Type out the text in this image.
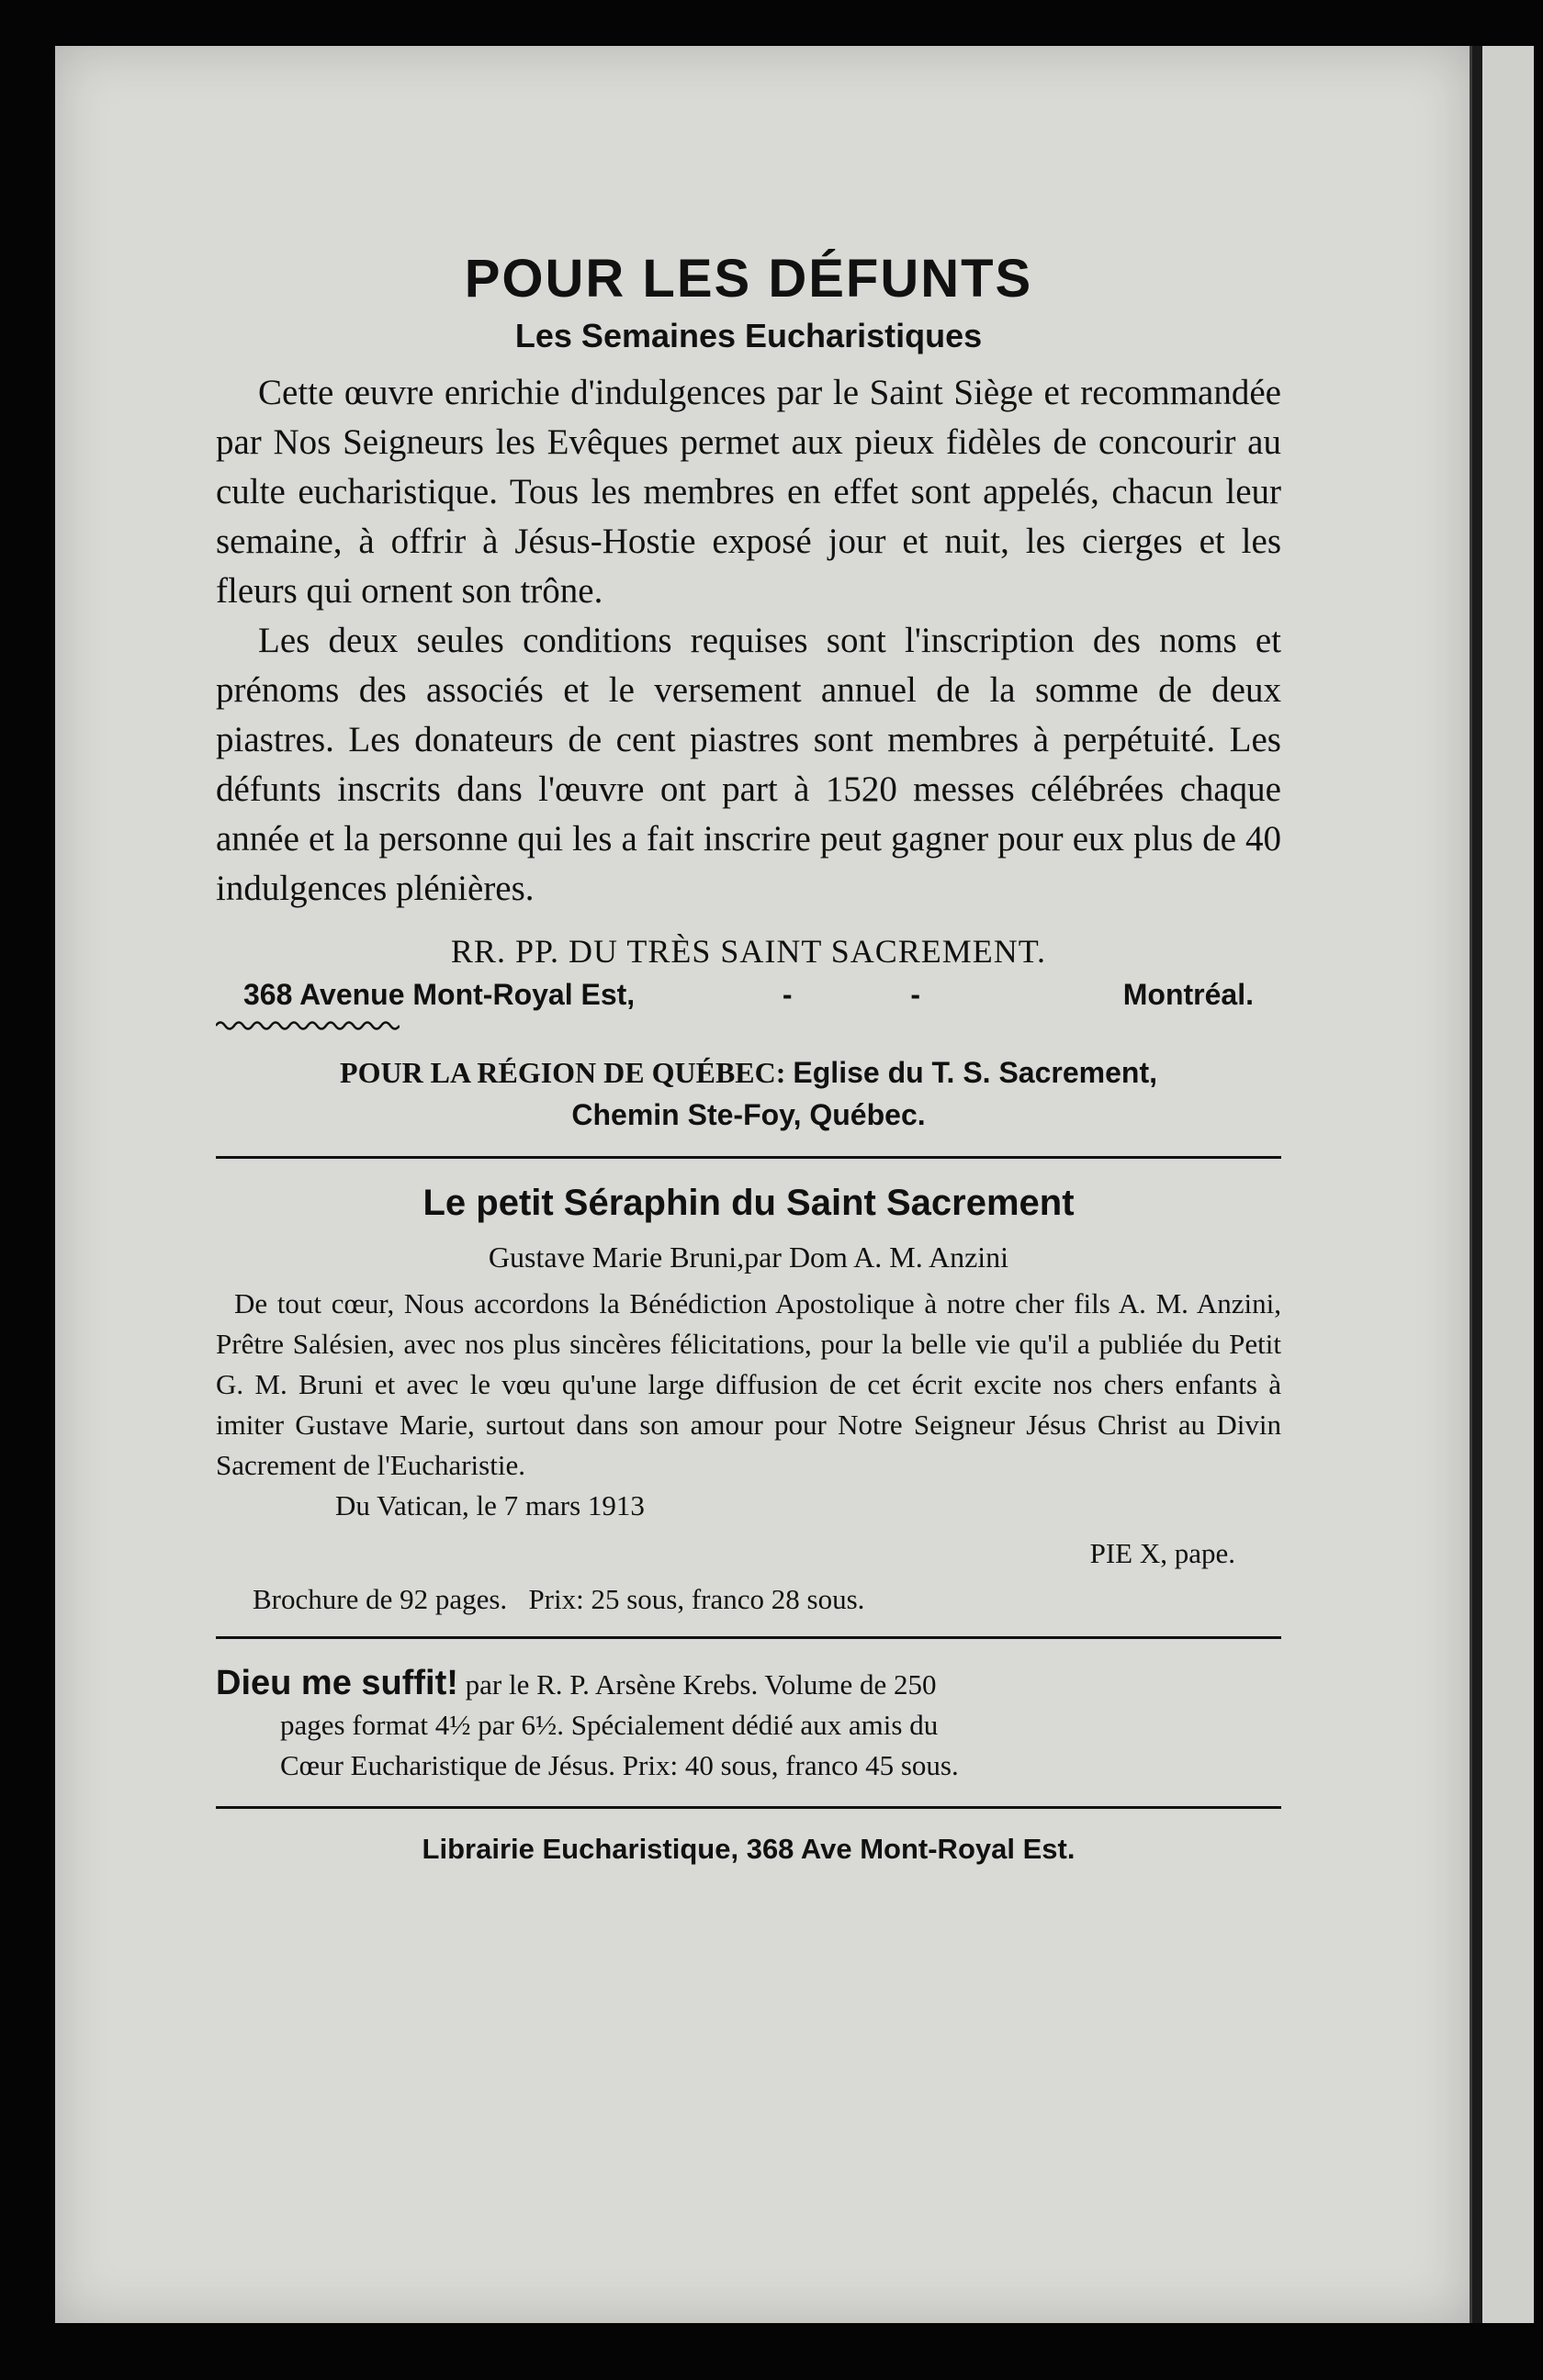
POUR LES DÉFUNTS
Les Semaines Eucharistiques

Cette œuvre enrichie d'indulgences par le Saint Siège et recommandée par Nos Seigneurs les Evêques permet aux pieux fidèles de concourir au culte eucharistique. Tous les membres en effet sont appelés, chacun leur semaine, à offrir à Jésus-Hostie exposé jour et nuit, les cierges et les fleurs qui ornent son trône.

Les deux seules conditions requises sont l'inscription des noms et prénoms des associés et le versement annuel de la somme de deux piastres. Les donateurs de cent piastres sont membres à perpétuité. Les défunts inscrits dans l'œuvre ont part à 1520 messes célébrées chaque année et la personne qui les a fait inscrire peut gagner pour eux plus de 40 indulgences plénières.

RR. PP. DU TRÈS SAINT SACREMENT.
368 Avenue Mont-Royal Est,	- -	Montréal.
POUR LA RÉGION DE QUÉBEC: Eglise du T. S. Sacrement,
Chemin Ste-Foy, Québec.
Le petit Séraphin du Saint Sacrement
Gustave Marie Bruni,par Dom A. M. Anzini

De tout cœur, Nous accordons la Bénédiction Apostolique à notre cher fils A. M. Anzini, Prêtre Salésien, avec nos plus sincères félicitations, pour la belle vie qu'il a publiée du Petit G. M. Bruni et avec le vœu qu'une large diffusion de cet écrit excite nos chers enfants à imiter Gustave Marie, surtout dans son amour pour Notre Seigneur Jésus Christ au Divin Sacrement de l'Eucharistie.

Du Vatican, le 7 mars 1913
PIE X, pape.
Brochure de 92 pages. Prix: 25 sous, franco 28 sous.

Dieu me suffit! par le R. P. Arsène Krebs. Volume de 250
pages format 4½ par 6½. Spécialement dédié aux amis du
Cœur Eucharistique de Jésus. Prix: 40 sous, franco 45 sous.

Librairie Eucharistique, 368 Ave Mont-Royal Est.
